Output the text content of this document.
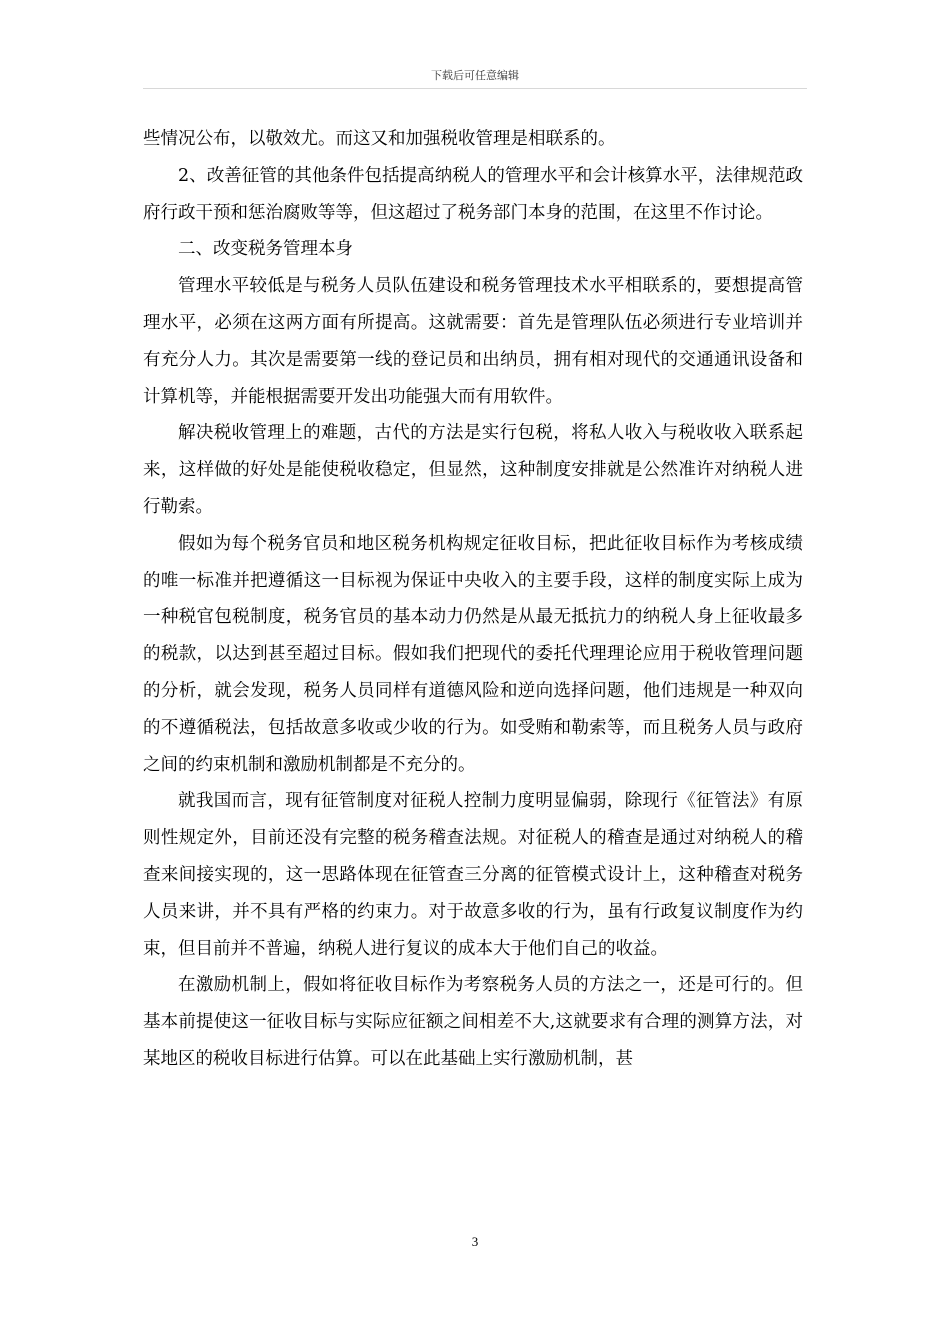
下载后可任意编辑

些情况公布，以敬效尤。而这又和加强税收管理是相联系的。

2、改善征管的其他条件包括提高纳税人的管理水平和会计核算水平，法律规范政府行政干预和惩治腐败等等，但这超过了税务部门本身的范围，在这里不作讨论。

二、改变税务管理本身

管理水平较低是与税务人员队伍建设和税务管理技术水平相联系的，要想提高管理水平，必须在这两方面有所提高。这就需要：首先是管理队伍必须进行专业培训并有充分人力。其次是需要第一线的登记员和出纳员，拥有相对现代的交通通讯设备和计算机等，并能根据需要开发出功能强大而有用软件。

解决税收管理上的难题，古代的方法是实行包税，将私人收入与税收收入联系起来，这样做的好处是能使税收稳定，但显然，这种制度安排就是公然准许对纳税人进行勒索。

假如为每个税务官员和地区税务机构规定征收目标，把此征收目标作为考核成绩的唯一标准并把遵循这一目标视为保证中央收入的主要手段，这样的制度实际上成为一种税官包税制度，税务官员的基本动力仍然是从最无抵抗力的纳税人身上征收最多的税款，以达到甚至超过目标。假如我们把现代的委托代理理论应用于税收管理问题的分析，就会发现，税务人员同样有道德风险和逆向选择问题，他们违规是一种双向的不遵循税法，包括故意多收或少收的行为。如受贿和勒索等，而且税务人员与政府之间的约束机制和激励机制都是不充分的。

就我国而言，现有征管制度对征税人控制力度明显偏弱，除现行《征管法》有原则性规定外，目前还没有完整的税务稽查法规。对征税人的稽查是通过对纳税人的稽查来间接实现的，这一思路体现在征管查三分离的征管模式设计上，这种稽查对税务人员来讲，并不具有严格的约束力。对于故意多收的行为，虽有行政复议制度作为约束，但目前并不普遍，纳税人进行复议的成本大于他们自己的收益。

在激励机制上，假如将征收目标作为考察税务人员的方法之一，还是可行的。但基本前提使这一征收目标与实际应征额之间相差不大,这就要求有合理的测算方法，对某地区的税收目标进行估算。可以在此基础上实行激励机制，甚

3
